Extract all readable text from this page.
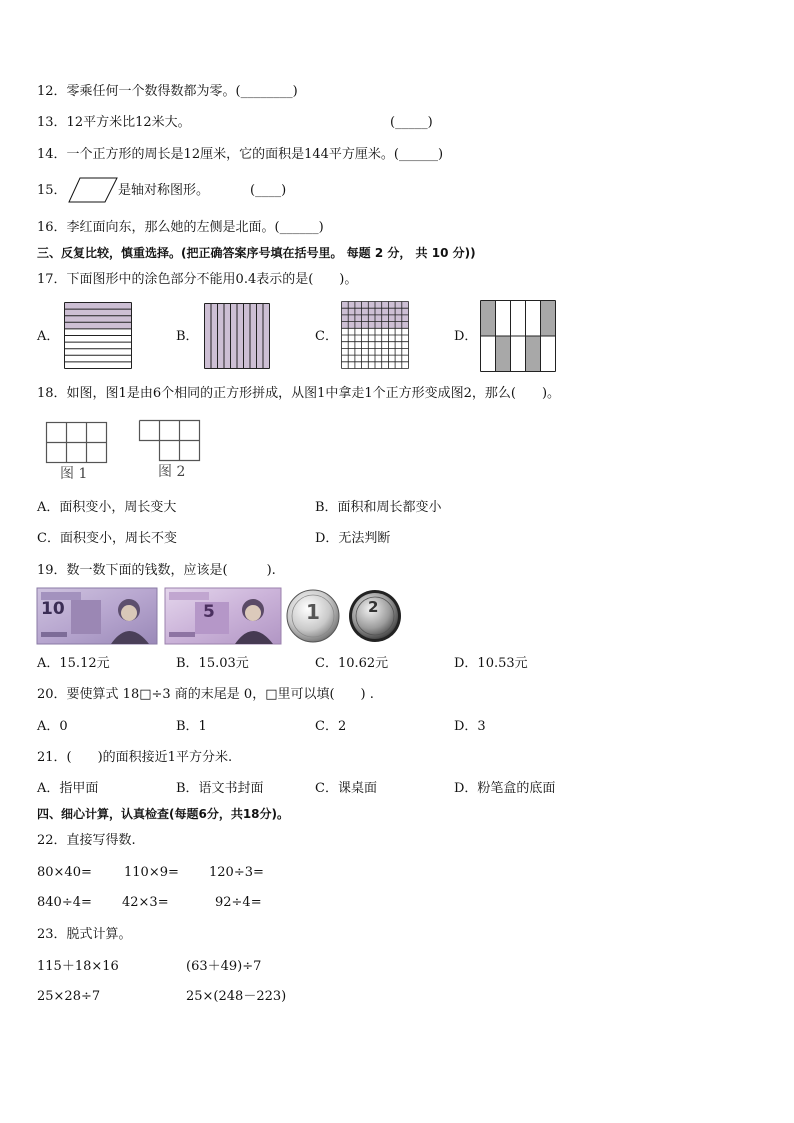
12．零乘任何一个数得数都为零。(________)
13．12平方米比12米大。	(_____)
14．一个正方形的周长是12厘米，它的面积是144平方厘米。(______)
15．	是轴对称图形。	(____)
16．李红面向东，那么她的左侧是北面。(______)
三、反复比较，慎重选择。(把正确答案序号填在括号里。 每题 2 分， 共 10 分))
17．下面图形中的涂色部分不能用0.4表示的是(　　)。
A．	B．	C．	D．
18．如图，图1是由6个相同的正方形拼成，从图1中拿走1个正方形变成图2，那么(　　)。
图 1	图 2
A．面积变小，周长变大	B．面积和周长都变小
C．面积变小，周长不变	D．无法判断
19．数一数下面的钱数，应该是(　　　).
10	5	1	2
A．15.12元	B．15.03元	C．10.62元	D．10.53元
20．要使算式 18□÷3 商的末尾是 0，□里可以填(　　) .
A．0	B．1	C．2	D．3
21．(　　)的面积接近1平方分米.
A．指甲面	B．语文书封面	C．课桌面	D．粉笔盒的底面
四、细心计算，认真检查(每题6分，共18分)。
22．直接写得数.
80×40= 110×9= 120÷3=
840÷4= 42×3=	92÷4=
23．脱式计算。
115＋18×16	(63＋49)÷7
25×28÷7	25×(248－223)
